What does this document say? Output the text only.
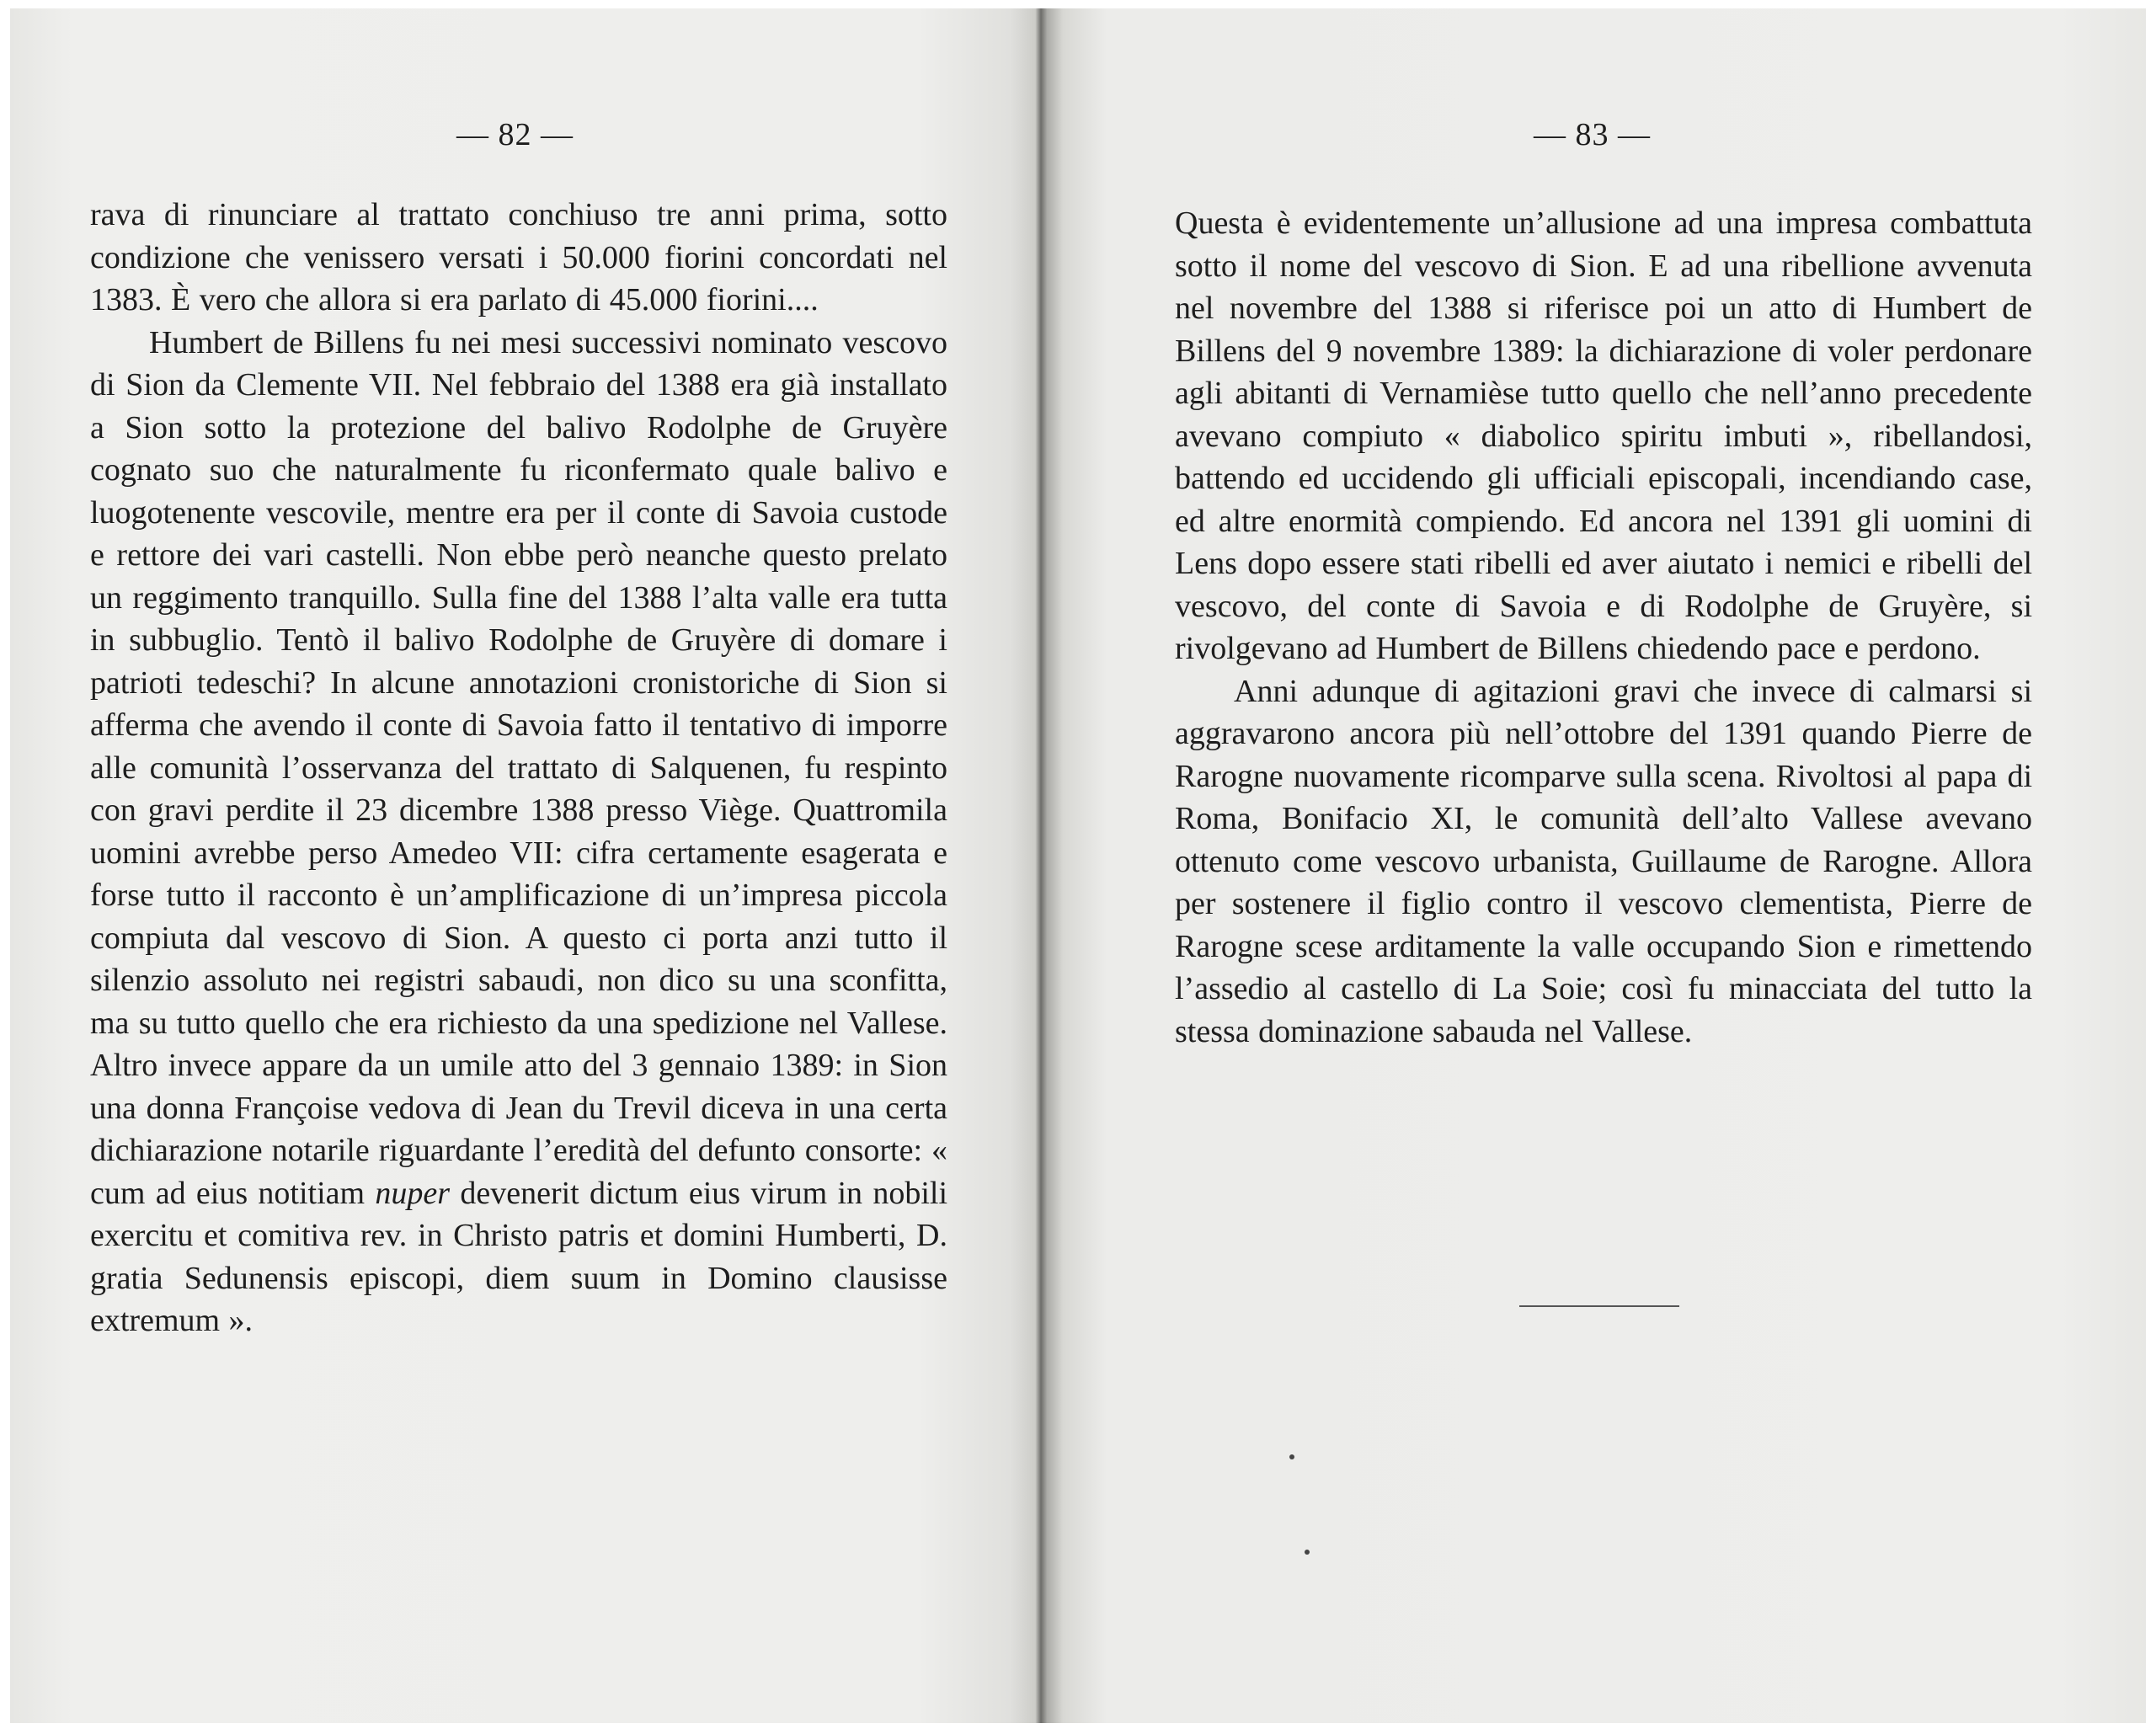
— 82 —

rava di rinunciare al trattato conchiuso tre anni prima, sotto condizione che venissero versati i 50.000 fiorini concordati nel 1383. È vero che allora si era parlato di 45.000 fiorini....

Humbert de Billens fu nei mesi successivi nominato vescovo di Sion da Clemente VII. Nel febbraio del 1388 era già installato a Sion sotto la protezione del balivo Rodolphe de Gruyère cognato suo che naturalmente fu riconfermato quale balivo e luogotenente vescovile, mentre era per il conte di Savoia custode e rettore dei vari castelli. Non ebbe però neanche questo prelato un reggimento tranquillo. Sulla fine del 1388 l’alta valle era tutta in subbuglio. Tentò il balivo Rodolphe de Gruyère di domare i patrioti tedeschi? In alcune annotazioni cronistoriche di Sion si afferma che avendo il conte di Savoia fatto il tentativo di imporre alle comunità l’osservanza del trattato di Salquenen, fu respinto con gravi perdite il 23 dicembre 1388 presso Viège. Quattromila uomini avrebbe perso Amedeo VII: cifra certamente esagerata e forse tutto il racconto è un’amplificazione di un’impresa piccola compiuta dal vescovo di Sion. A questo ci porta anzi tutto il silenzio assoluto nei registri sabaudi, non dico su una sconfitta, ma su tutto quello che era richiesto da una spedizione nel Vallese. Altro invece appare da un umile atto del 3 gennaio 1389: in Sion una donna Françoise vedova di Jean du Trevil diceva in una certa dichiarazione notarile riguardante l’eredità del defunto consorte: « cum ad eius notitiam nuper devenerit dictum eius virum in nobili exercitu et comitiva rev. in Christo patris et domini Humberti, D. gratia Sedunensis episcopi, diem suum in Domino clausisse extremum ».

— 83 —

Questa è evidentemente un’allusione ad una impresa combattuta sotto il nome del vescovo di Sion. E ad una ribellione avvenuta nel novembre del 1388 si riferisce poi un atto di Humbert de Billens del 9 novembre 1389: la dichiarazione di voler perdonare agli abitanti di Vernamièse tutto quello che nell’anno precedente avevano compiuto « diabolico spiritu imbuti », ribellandosi, battendo ed uccidendo gli ufficiali episcopali, incendiando case, ed altre enormità compiendo. Ed ancora nel 1391 gli uomini di Lens dopo essere stati ribelli ed aver aiutato i nemici e ribelli del vescovo, del conte di Savoia e di Rodolphe de Gruyère, si rivolgevano ad Humbert de Billens chiedendo pace e perdono.

Anni adunque di agitazioni gravi che invece di calmarsi si aggravarono ancora più nell’ottobre del 1391 quando Pierre de Rarogne nuovamente ricomparve sulla scena. Rivoltosi al papa di Roma, Bonifacio XI, le comunità dell’alto Vallese avevano ottenuto come vescovo urbanista, Guillaume de Rarogne. Allora per sostenere il figlio contro il vescovo clementista, Pierre de Rarogne scese arditamente la valle occupando Sion e rimettendo l’assedio al castello di La Soie; così fu minacciata del tutto la stessa dominazione sabauda nel Vallese.
